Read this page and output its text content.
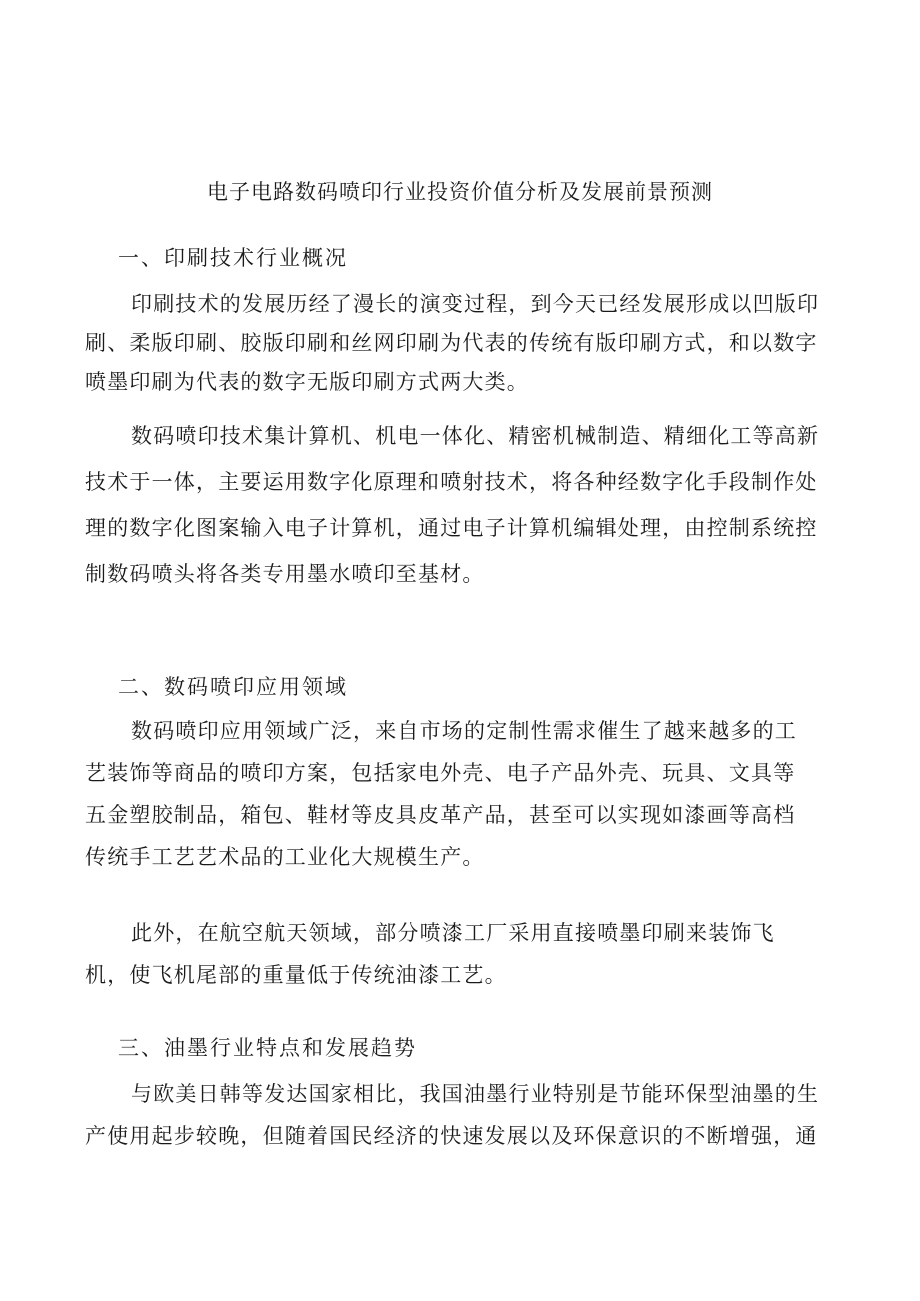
电子电路数码喷印行业投资价值分析及发展前景预测
一、印刷技术行业概况
印刷技术的发展历经了漫长的演变过程，到今天已经发展形成以凹版印
刷、柔版印刷、胶版印刷和丝网印刷为代表的传统有版印刷方式，和以数字
喷墨印刷为代表的数字无版印刷方式两大类。
数码喷印技术集计算机、机电一体化、精密机械制造、精细化工等高新
技术于一体，主要运用数字化原理和喷射技术，将各种经数字化手段制作处
理的数字化图案输入电子计算机，通过电子计算机编辑处理，由控制系统控
制数码喷头将各类专用墨水喷印至基材。
二、数码喷印应用领域
数码喷印应用领域广泛，来自市场的定制性需求催生了越来越多的工
艺装饰等商品的喷印方案，包括家电外壳、电子产品外壳、玩具、文具等
五金塑胶制品，箱包、鞋材等皮具皮革产品，甚至可以实现如漆画等高档
传统手工艺艺术品的工业化大规模生产。
此外，在航空航天领域，部分喷漆工厂采用直接喷墨印刷来装饰飞
机，使飞机尾部的重量低于传统油漆工艺。
三、油墨行业特点和发展趋势
与欧美日韩等发达国家相比，我国油墨行业特别是节能环保型油墨的生
产使用起步较晚，但随着国民经济的快速发展以及环保意识的不断增强，通
